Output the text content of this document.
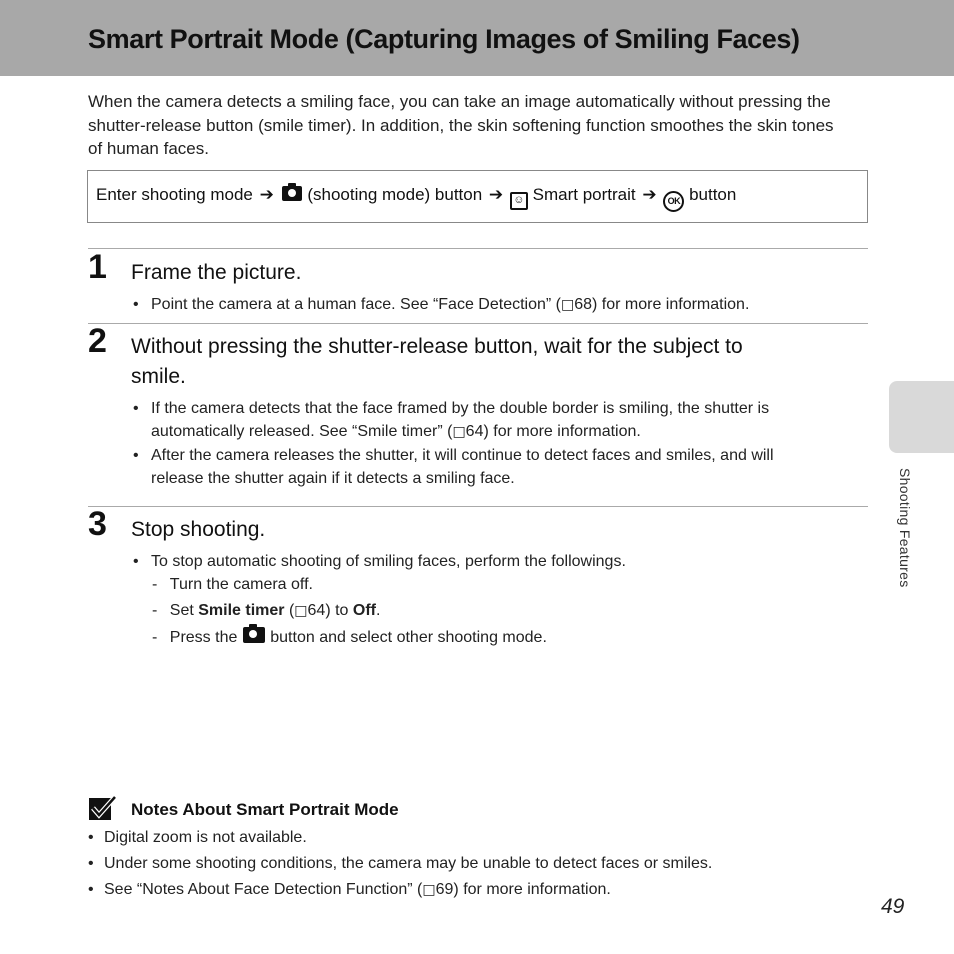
Smart Portrait Mode (Capturing Images of Smiling Faces)

When the camera detects a smiling face, you can take an image automatically without pressing the shutter-release button (smile timer). In addition, the skin softening function smoothes the skin tones of human faces.

Enter shooting mode ➔ (shooting mode) button ➔ ☺ Smart portrait ➔ OK button
1 Frame the picture.
• Point the camera at a human face. See “Face Detection” (□68) for more information.
2 Without pressing the shutter-release button, wait for the subject to
smile.
• If the camera detects that the face framed by the double border is smiling, the shutter is
automatically released. See “Smile timer” (□64) for more information.
• After the camera releases the shutter, it will continue to detect faces and smiles, and will
release the shutter again if it detects a smiling face.
3 Stop shooting.
• To stop automatic shooting of smiling faces, perform the followings.
- Turn the camera off.
- Set Smile timer (□64) to Off.
- Press the  button and select other shooting mode.
Notes About Smart Portrait Mode
• Digital zoom is not available.
• Under some shooting conditions, the camera may be unable to detect faces or smiles.
• See “Notes About Face Detection Function” (□69) for more information.
Shooting Features
49
